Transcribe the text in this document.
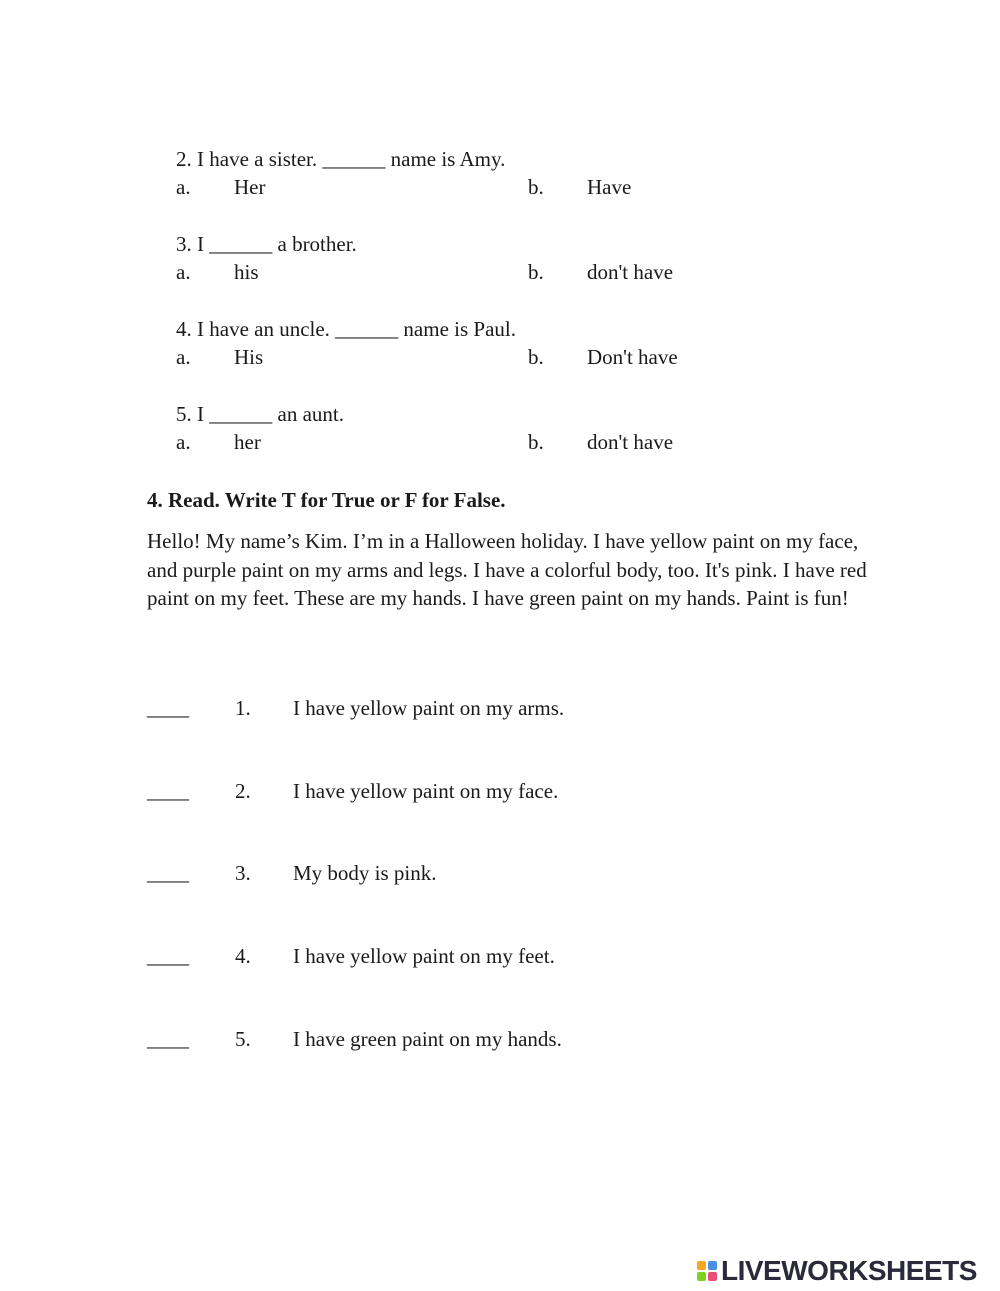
2. I have a sister. ______ name is Amy.
a. Her	b. Have
3. I ______ a brother.
a. his	b. don't have
4. I have an uncle. ______ name is Paul.
a. His	b. Don't have
5. I ______ an aunt.
a. her	b. don't have
4. Read. Write T for True or F for False.
Hello! My name’s Kim. I’m in a Halloween holiday. I have yellow paint on my face, and purple paint on my arms and legs. I have a colorful body, too. It's pink. I have red paint on my feet. These are my hands. I have green paint on my hands. Paint is fun!
____ 1. I have yellow paint on my arms.
____ 2. I have yellow paint on my face.
____ 3. My body is pink.
____ 4. I have yellow paint on my feet.
____ 5. I have green paint on my hands.
LIVEWORKSHEETS
